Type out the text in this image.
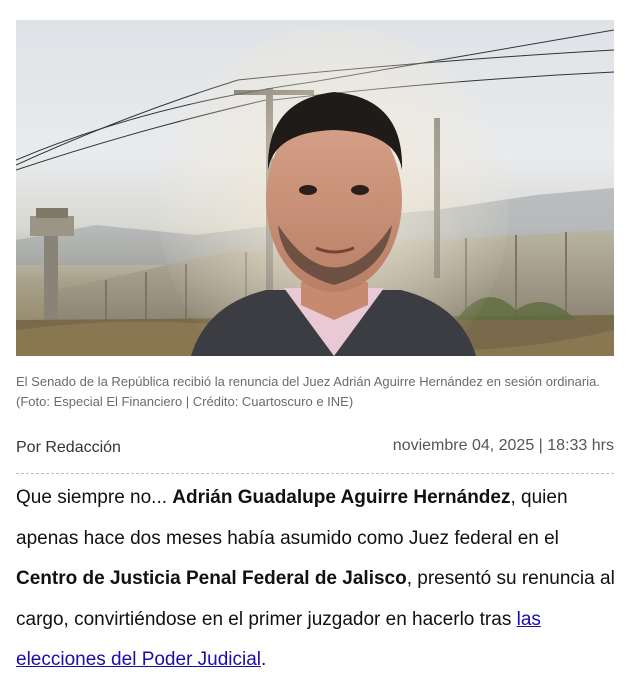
El Senado de la República recibió la renuncia del Juez Adrián Aguirre Hernández en sesión ordinaria. (Foto: Especial El Financiero | Crédito: Cuartoscuro e INE)
Por Redacción	noviembre 04, 2025 | 18:33 hrs

Que siempre no... Adrián Guadalupe Aguirre Hernández, quien apenas hace dos meses había asumido como Juez federal en el Centro de Justicia Penal Federal de Jalisco, presentó su renuncia al cargo, convirtiéndose en el primer juzgador en hacerlo tras las elecciones del Poder Judicial.
